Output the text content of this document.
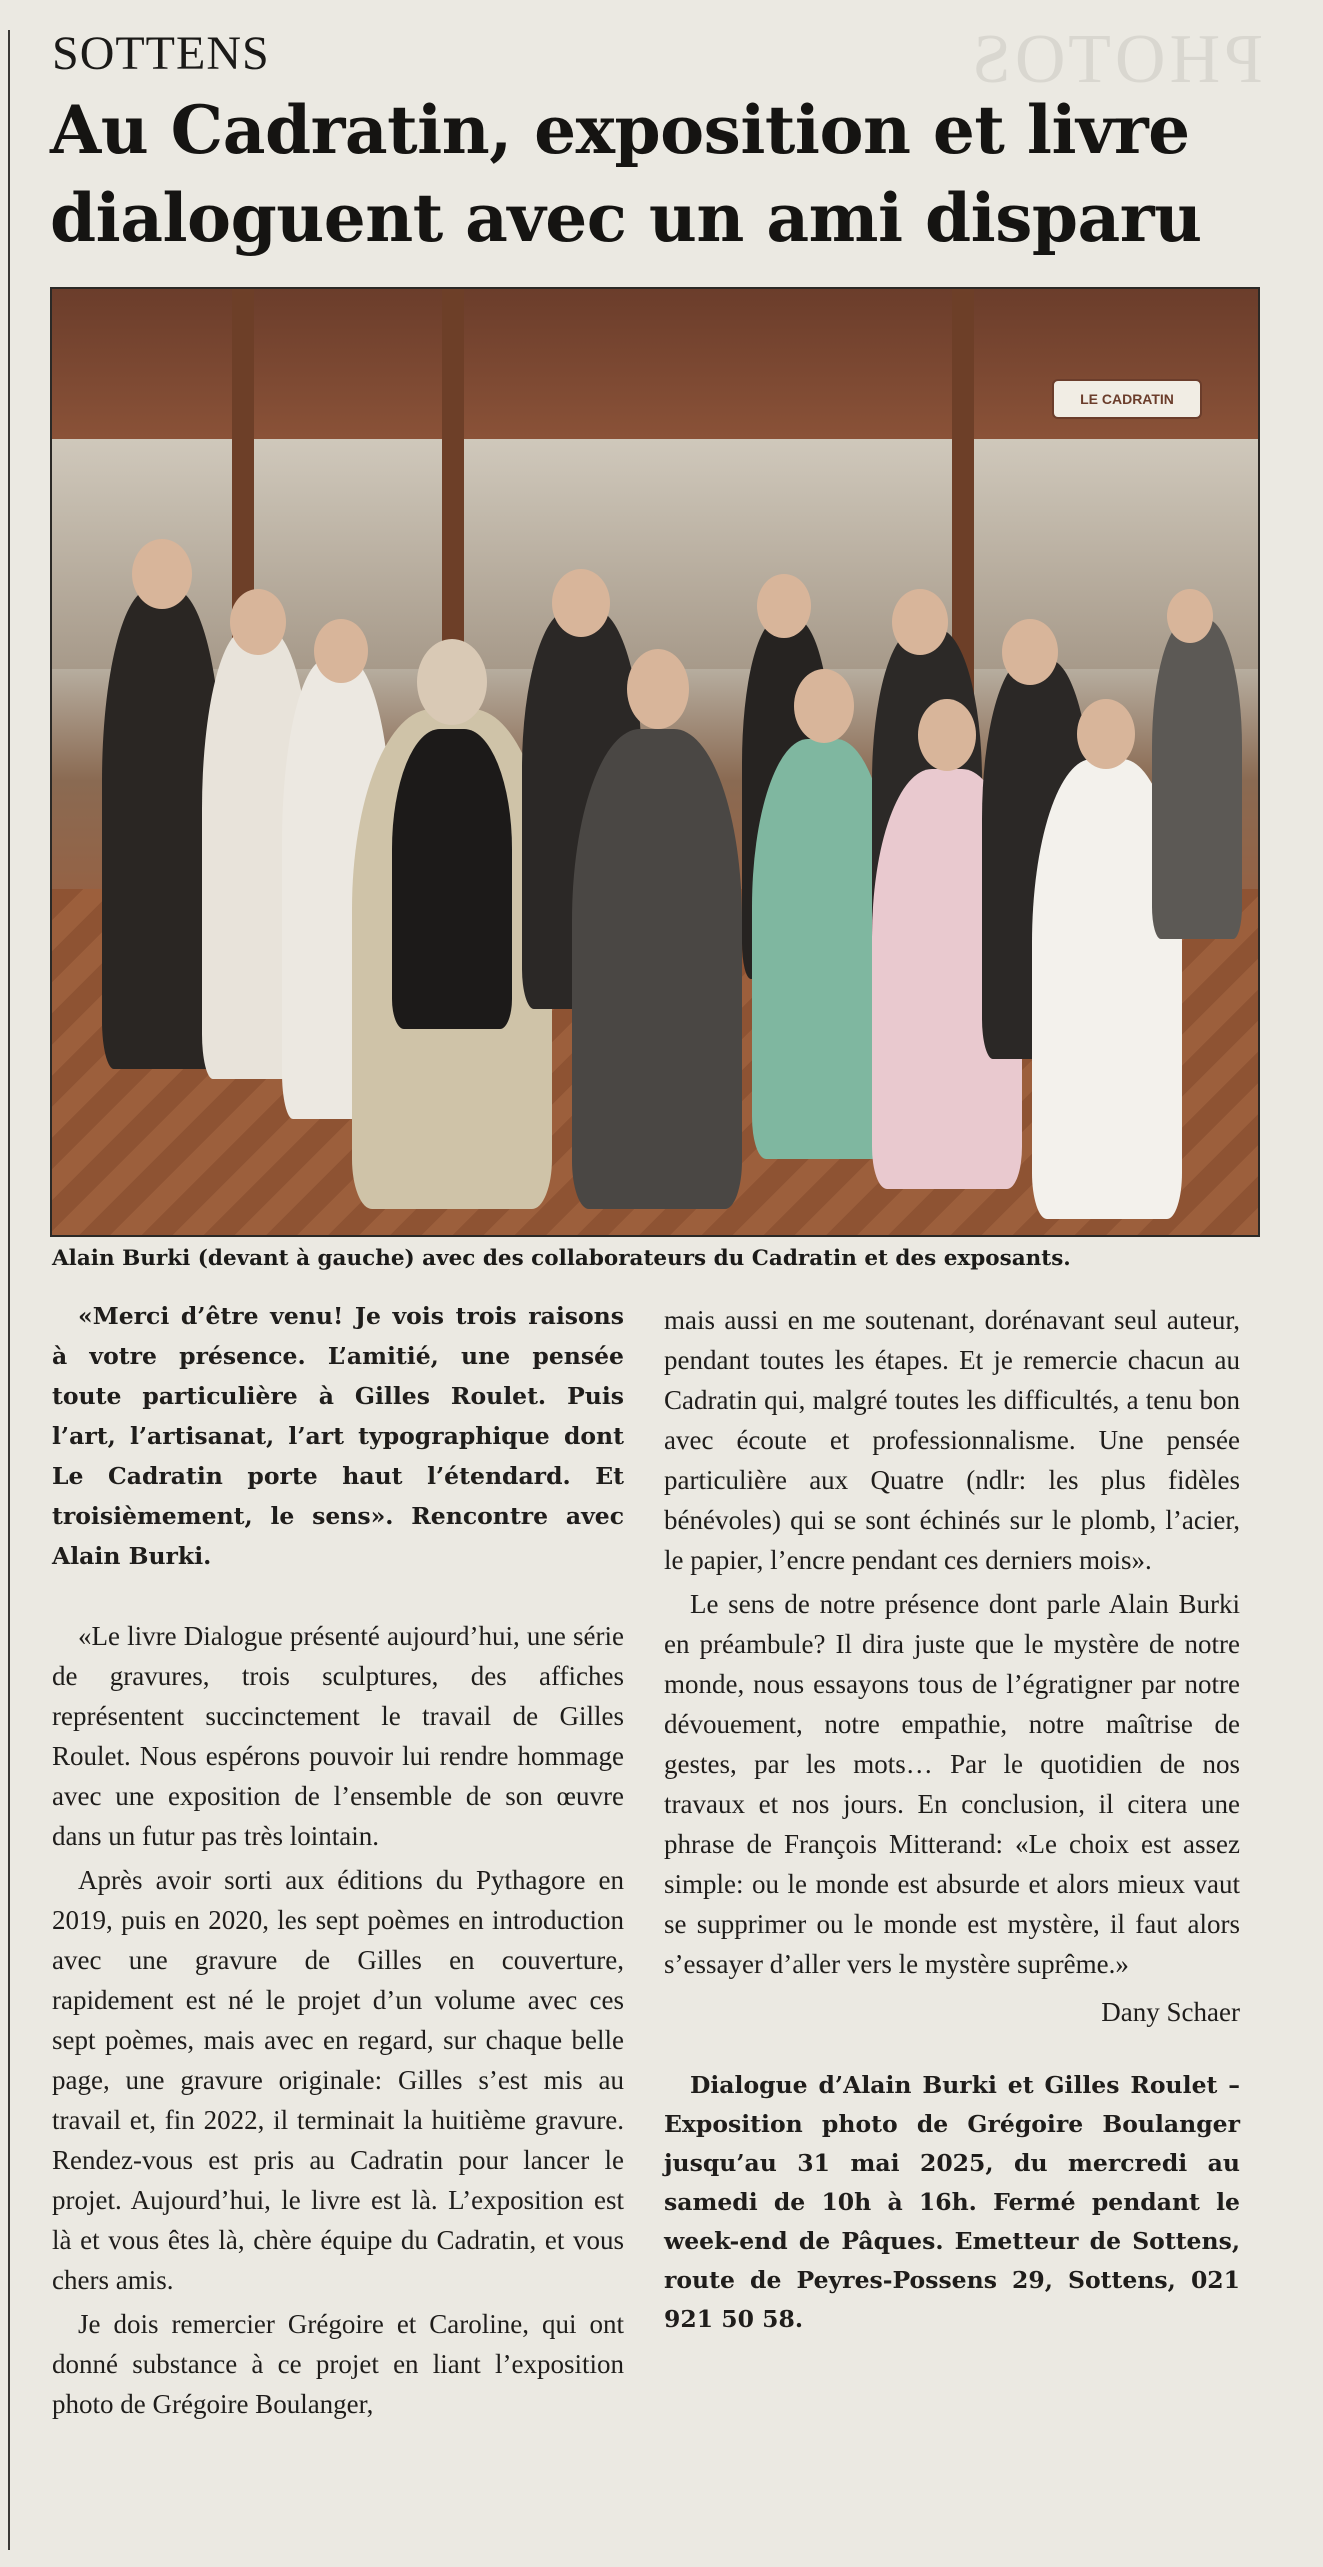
PHOTOS
SOTTENS
Au Cadratin, exposition et livre dialoguent avec un ami disparu
LE CADRATIN
Alain Burki (devant à gauche) avec des collaborateurs du Cadratin et des exposants.

«Merci d’être venu! Je vois trois raisons à votre présence. L’amitié, une pensée toute particulière à Gilles Roulet. Puis l’art, l’artisanat, l’art typographique dont Le Cadratin porte haut l’étendard. Et troisièmement, le sens». Rencontre avec Alain Burki.

«Le livre Dialogue présenté aujourd’hui, une série de gravures, trois sculptures, des affiches représentent succinctement le travail de Gilles Roulet. Nous espérons pouvoir lui rendre hommage avec une exposition de l’ensemble de son œuvre dans un futur pas très lointain.

Après avoir sorti aux éditions du Pythagore en 2019, puis en 2020, les sept poèmes en introduction avec une gravure de Gilles en couverture, rapidement est né le projet d’un volume avec ces sept poèmes, mais avec en regard, sur chaque belle page, une gravure originale: Gilles s’est mis au travail et, fin 2022, il terminait la huitième gravure. Rendez-vous est pris au Cadratin pour lancer le projet. Aujourd’hui, le livre est là. L’exposition est là et vous êtes là, chère équipe du Cadratin, et vous chers amis.

Je dois remercier Grégoire et Caroline, qui ont donné substance à ce projet en liant l’exposition photo de Grégoire Boulanger,

mais aussi en me soutenant, dorénavant seul auteur, pendant toutes les étapes. Et je remercie chacun au Cadratin qui, malgré toutes les difficultés, a tenu bon avec écoute et professionnalisme. Une pensée particulière aux Quatre (ndlr: les plus fidèles bénévoles) qui se sont échinés sur le plomb, l’acier, le papier, l’encre pendant ces derniers mois».

Le sens de notre présence dont parle Alain Burki en préambule? Il dira juste que le mystère de notre monde, nous essayons tous de l’égratigner par notre dévouement, notre empathie, notre maîtrise de gestes, par les mots… Par le quotidien de nos travaux et nos jours. En conclusion, il citera une phrase de François Mitterand: «Le choix est assez simple: ou le monde est absurde et alors mieux vaut se supprimer ou le monde est mystère, il faut alors s’essayer d’aller vers le mystère suprême.»

Dany Schaer

Dialogue d’Alain Burki et Gilles Roulet – Exposition photo de Grégoire Boulanger jusqu’au 31 mai 2025, du mercredi au samedi de 10h à 16h. Fermé pendant le week-end de Pâques. Emetteur de Sottens, route de Peyres-Possens 29, Sottens, 021 921 50 58.
